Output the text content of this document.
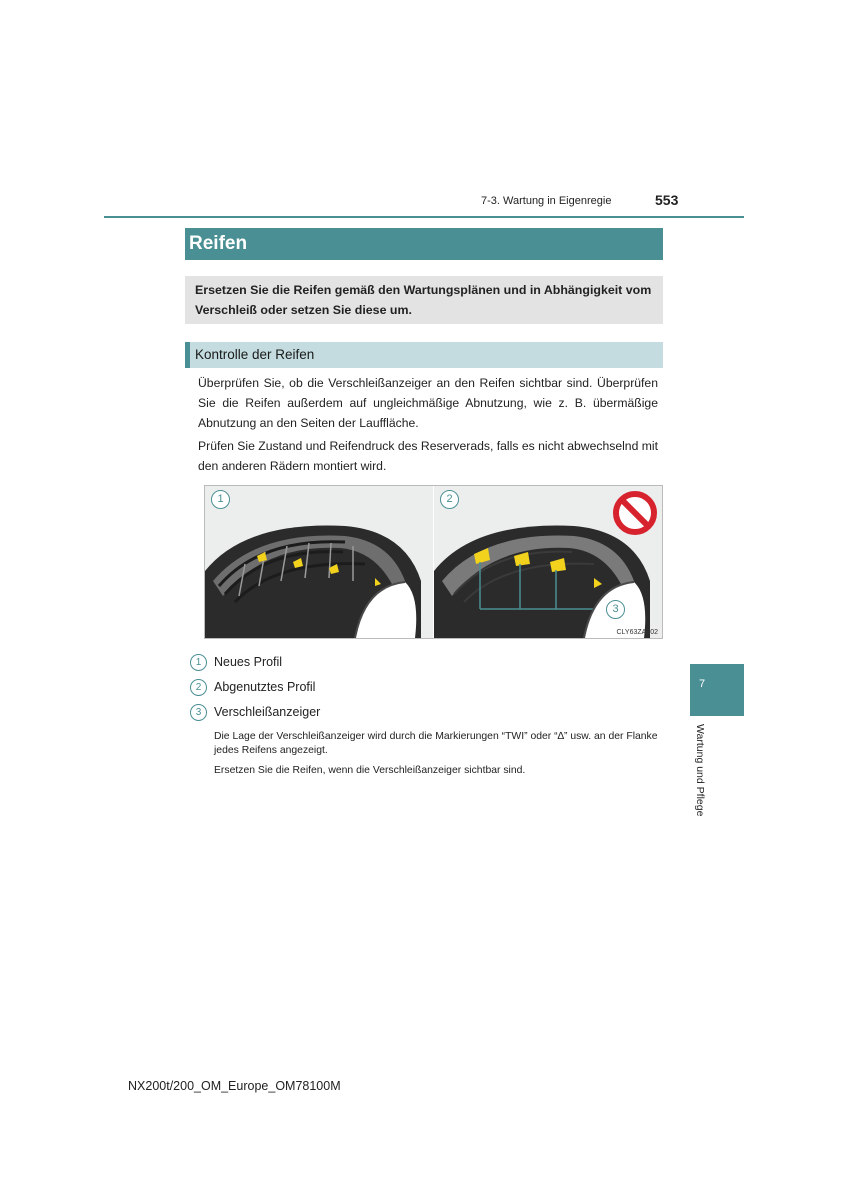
7-3. Wartung in Eigenregie	553
Reifen
Ersetzen Sie die Reifen gemäß den Wartungsplänen und in Abhängigkeit vom Verschleiß oder setzen Sie diese um.
Kontrolle der Reifen
Überprüfen Sie, ob die Verschleißanzeiger an den Reifen sichtbar sind. Überprüfen Sie die Reifen außerdem auf ungleichmäßige Abnutzung, wie z. B. übermäßige Abnutzung an den Seiten der Lauffläche.
Prüfen Sie Zustand und Reifendruck des Reserverads, falls es nicht abwechselnd mit den anderen Rädern montiert wird.
1	2
3
CLY63ZA002
1	Neues Profil
2	Abgenutztes Profil
3	Verschleißanzeiger
Die Lage der Verschleißanzeiger wird durch die Markierungen “TWI” oder “∆” usw. an der Flanke jedes Reifens angezeigt.
Ersetzen Sie die Reifen, wenn die Verschleißanzeiger sichtbar sind.
7
Wartung und Pflege
NX200t/200_OM_Europe_OM78100M
